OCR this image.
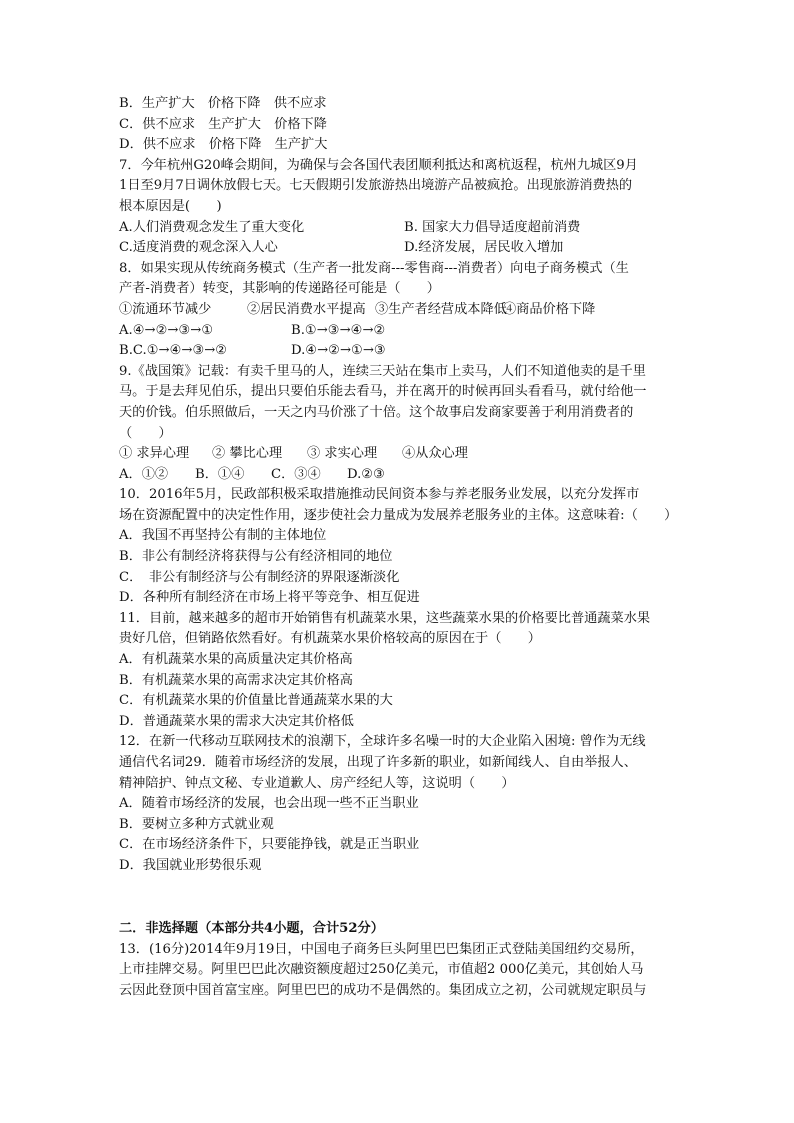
B．生产扩大　价格下降　供不应求
C．供不应求　生产扩大　价格下降
D．供不应求　价格下降　生产扩大
7．今年杭州G20峰会期间，为确保与会各国代表团顺利抵达和离杭返程，杭州九城区9月
1日至9月7日调休放假七天。七天假期引发旅游热出境游产品被疯抢。出现旅游消费热的
根本原因是(　　)
A.人们消费观念发生了重大变化	B. 国家大力倡导适度超前消费
C.适度消费的观念深入人心	D.经济发展，居民收入增加
8．如果实现从传统商务模式（生产者一批发商---零售商---消费者）向电子商务模式（生
产者-消费者）转变，其影响的传递路径可能是（　　）
①流通环节减少	②居民消费水平提高 ③生产者经营成本降低④商品价格下降
A.④→②→③→①	B.①→③→④→②
B.C.①→④→③→②	D.④→②→①→③
9.《战国策》记载：有卖千里马的人，连续三天站在集市上卖马，人们不知道他卖的是千里
马。于是去拜见伯乐，提出只要伯乐能去看马，并在离开的时候再回头看看马，就付给他一
天的价钱。伯乐照做后，一天之内马价涨了十倍。这个故事启发商家要善于利用消费者的
（　　）
① 求异心理 ② 攀比心理 ③ 求实心理 ④从众心理
A．①② B．①④ C．③④ D.②③
10．2016年5月，民政部积极采取措施推动民间资本参与养老服务业发展，以充分发挥市
场在资源配置中的决定性作用，逐步使社会力量成为发展养老服务业的主体。这意味着:（　　）
A．我国不再坚持公有制的主体地位
B．非公有制经济将获得与公有经济相同的地位
C．　非公有制经济与公有制经济的界限逐渐淡化
D．各种所有制经济在市场上将平等竞争、相互促进
11．目前，越来越多的超市开始销售有机蔬菜水果，这些蔬菜水果的价格要比普通蔬菜水果
贵好几倍，但销路依然看好。有机蔬菜水果价格较高的原因在于（　　）
A．有机蔬菜水果的高质量决定其价格高
B．有机蔬菜水果的高需求决定其价格高
C．有机蔬菜水果的价值量比普通蔬菜水果的大
D．普通蔬菜水果的需求大决定其价格低
12．在新一代移动互联网技术的浪潮下，全球许多名噪一时的大企业陷入困境: 曾作为无线
通信代名词29．随着市场经济的发展，出现了许多新的职业，如新闻线人、自由举报人、
精神陪护、钟点文秘、专业道歉人、房产经纪人等，这说明（　　）
A．随着市场经济的发展，也会出现一些不正当职业
B．要树立多种方式就业观
C．在市场经济条件下，只要能挣钱，就是正当职业
D．我国就业形势很乐观
二．非选择题（本部分共4小题，合计52分）
13．(16分)2014年9月19日，中国电子商务巨头阿里巴巴集团正式登陆美国纽约交易所，
上市挂牌交易。阿里巴巴此次融资额度超过250亿美元，市值超2 000亿美元，其创始人马
云因此登顶中国首富宝座。阿里巴巴的成功不是偶然的。集团成立之初，公司就规定职员与
